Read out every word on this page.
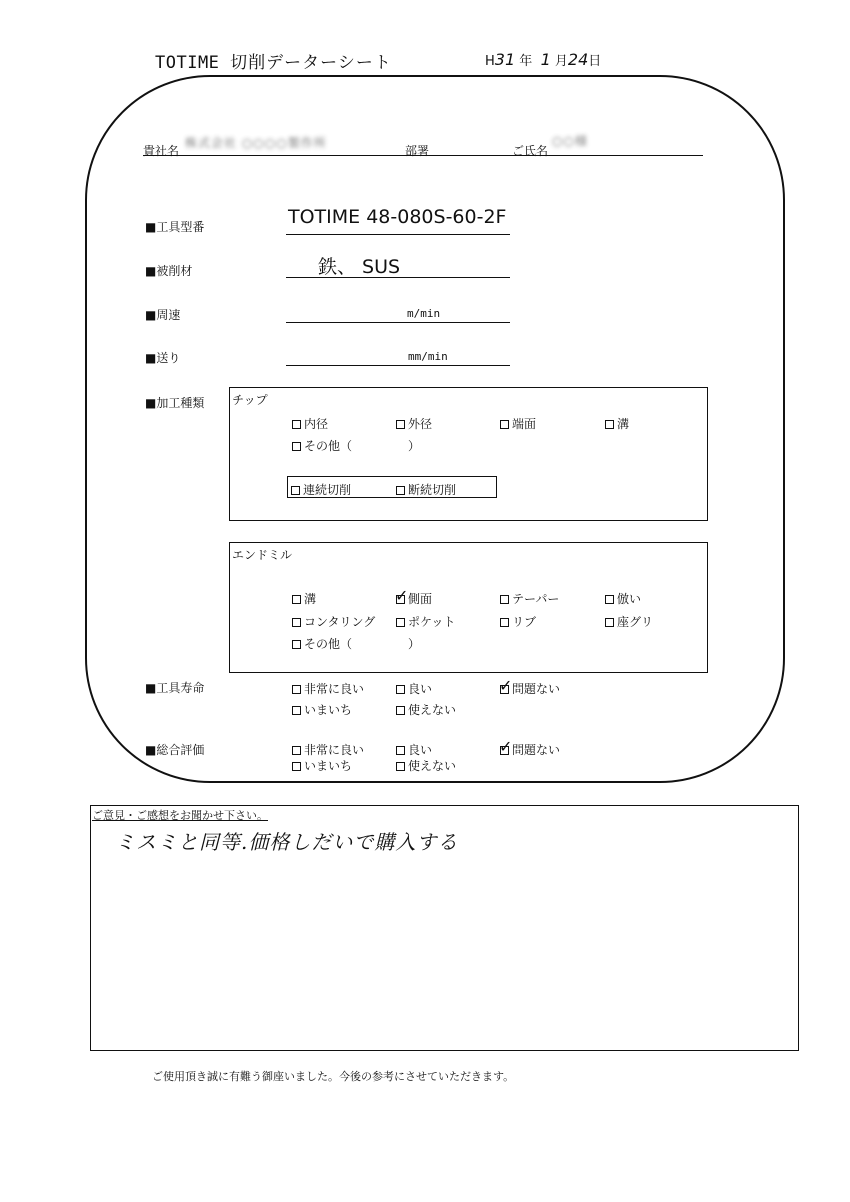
TOTIME 切削データーシート	H31 年 1 月24日
貴社名
株式会社 ○○○○製作所
部署	ご氏名
○○様
■工具型番	TOTIME 48-080S-60-2F
■被削材	鉄、 SUS
■周速	m/min
■送り	mm/min
■加工種類 チップ
内径	外径	端面	溝
その他（	）
連続切削	断続切削
エンドミル
溝	✓ 側面	テーパー	倣い
コンタリング	ポケット	リブ	座グリ
その他（	）
■工具寿命	非常に良い	良い	✓ 問題ない
いまいち	使えない
■総合評価	非常に良い	良い	✓ 問題ない
いまいち	使えない
ご意見・ご感想をお聞かせ下さい。
ミスミと同等.価格しだいで購入する
ご使用頂き誠に有難う御座いました。今後の参考にさせていただきます。
